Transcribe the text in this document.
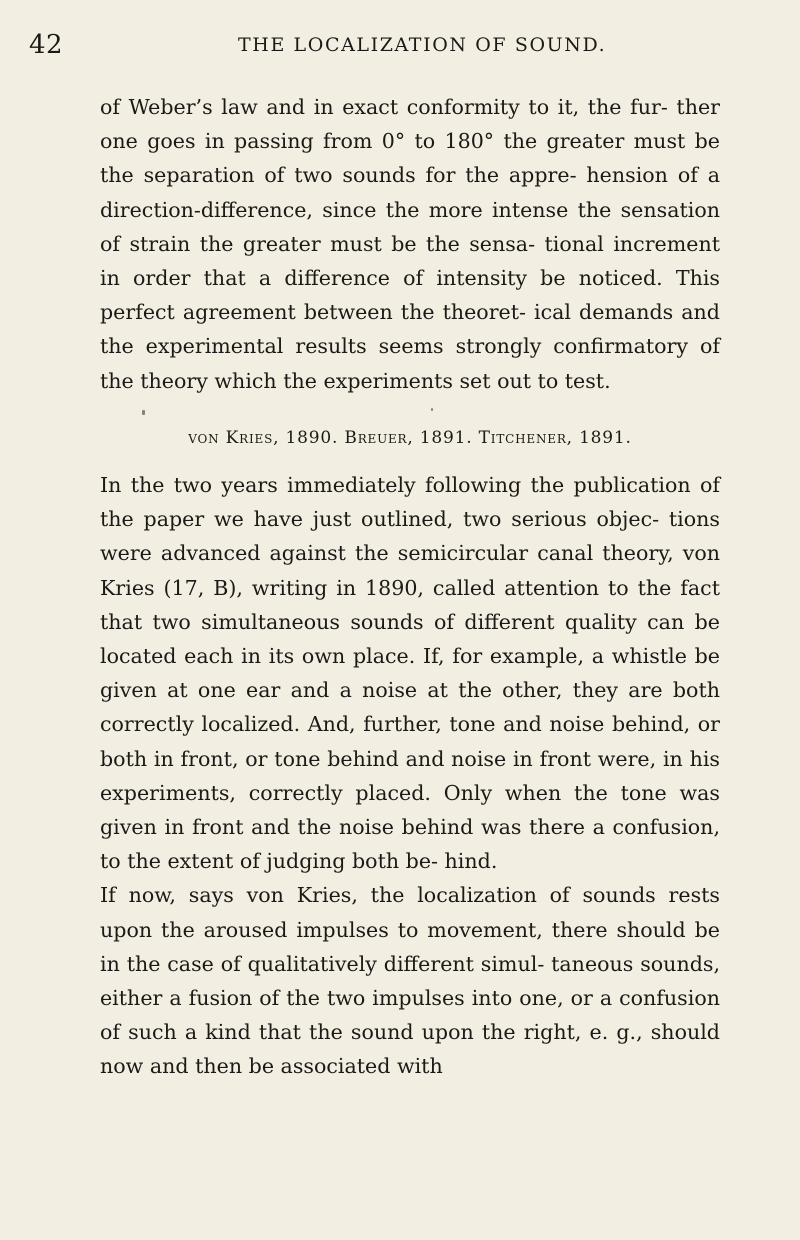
42	THE LOCALIZATION OF SOUND.

of Weber’s law and in exact conformity to it, the fur- ther one goes in passing from 0° to 180° the greater must be the separation of two sounds for the appre- hension of a direction-difference, since the more intense the sensation of strain the greater must be the sensa- tional increment in order that a difference of intensity be noticed. This perfect agreement between the theoret- ical demands and the experimental results seems strongly confirmatory of the theory which the experiments set out to test.

von Kries, 1890. Breuer, 1891. Titchener, 1891.

In the two years immediately following the publication of the paper we have just outlined, two serious objec- tions were advanced against the semicircular canal theory, von Kries (17, B), writing in 1890, called attention to the fact that two simultaneous sounds of different quality can be located each in its own place. If, for example, a whistle be given at one ear and a noise at the other, they are both correctly localized. And, further, tone and noise behind, or both in front, or tone behind and noise in front were, in his experiments, correctly placed. Only when the tone was given in front and the noise behind was there a confusion, to the extent of judging both be- hind.

If now, says von Kries, the localization of sounds rests upon the aroused impulses to movement, there should be in the case of qualitatively different simul- taneous sounds, either a fusion of the two impulses into one, or a confusion of such a kind that the sound upon the right, e. g., should now and then be associated with
